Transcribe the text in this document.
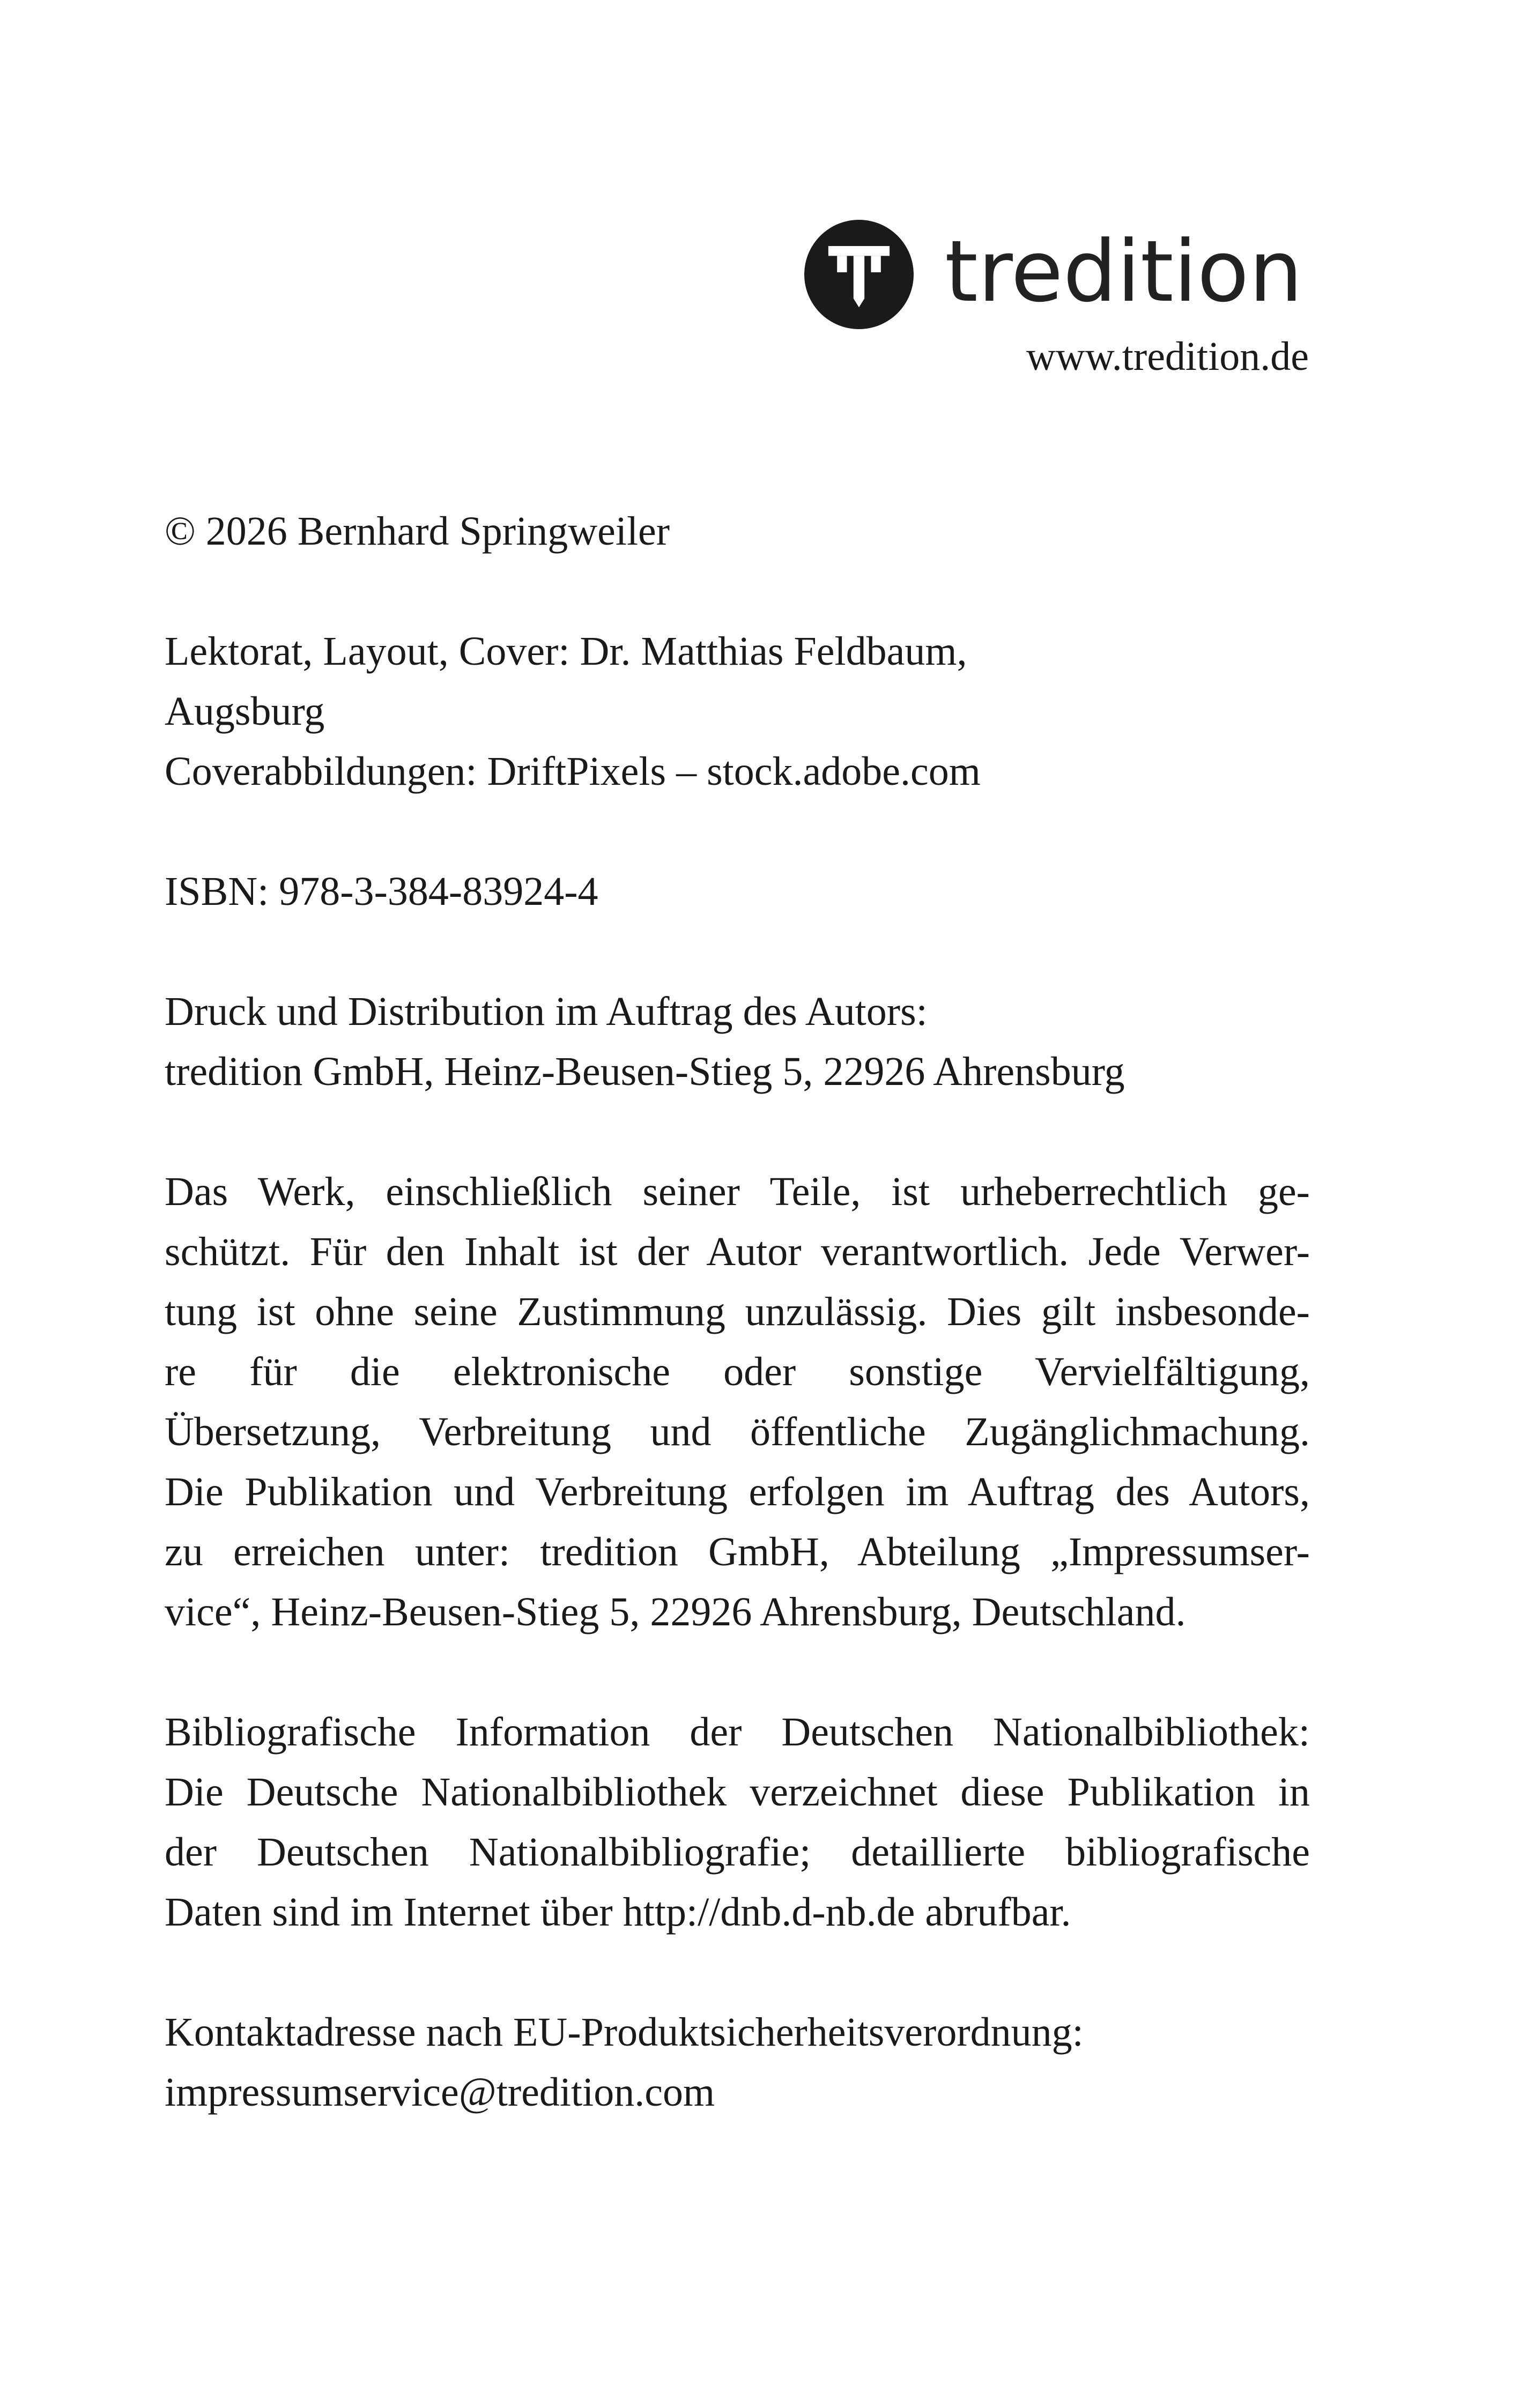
tredition
www.tredition.de
© 2026 Bernhard Springweiler
Lektorat, Layout, Cover: Dr. Matthias Feldbaum,
Augsburg
Coverabbildungen: DriftPixels – stock.adobe.com
ISBN: 978-3-384-83924-4
Druck und Distribution im Auftrag des Autors:
tredition GmbH, Heinz-Beusen-Stieg 5, 22926 Ahrensburg
Das Werk, einschließlich seiner Teile, ist urheberrechtlich ge-
schützt. Für den Inhalt ist der Autor verantwortlich. Jede Verwer-
tung ist ohne seine Zustimmung unzulässig. Dies gilt insbesonde-
re für die elektronische oder sonstige Vervielfältigung,
Übersetzung, Verbreitung und öffentliche Zugänglichmachung.
Die Publikation und Verbreitung erfolgen im Auftrag des Autors,
zu erreichen unter: tredition GmbH, Abteilung „Impressumser-
vice“, Heinz-Beusen-Stieg 5, 22926 Ahrensburg, Deutschland.
Bibliografische Information der Deutschen Nationalbibliothek:
Die Deutsche Nationalbibliothek verzeichnet diese Publikation in
der Deutschen Nationalbibliografie; detaillierte bibliografische
Daten sind im Internet über http://dnb.d-nb.de abrufbar.
Kontaktadresse nach EU-Produktsicherheitsverordnung:
impressumservice@tredition.com
